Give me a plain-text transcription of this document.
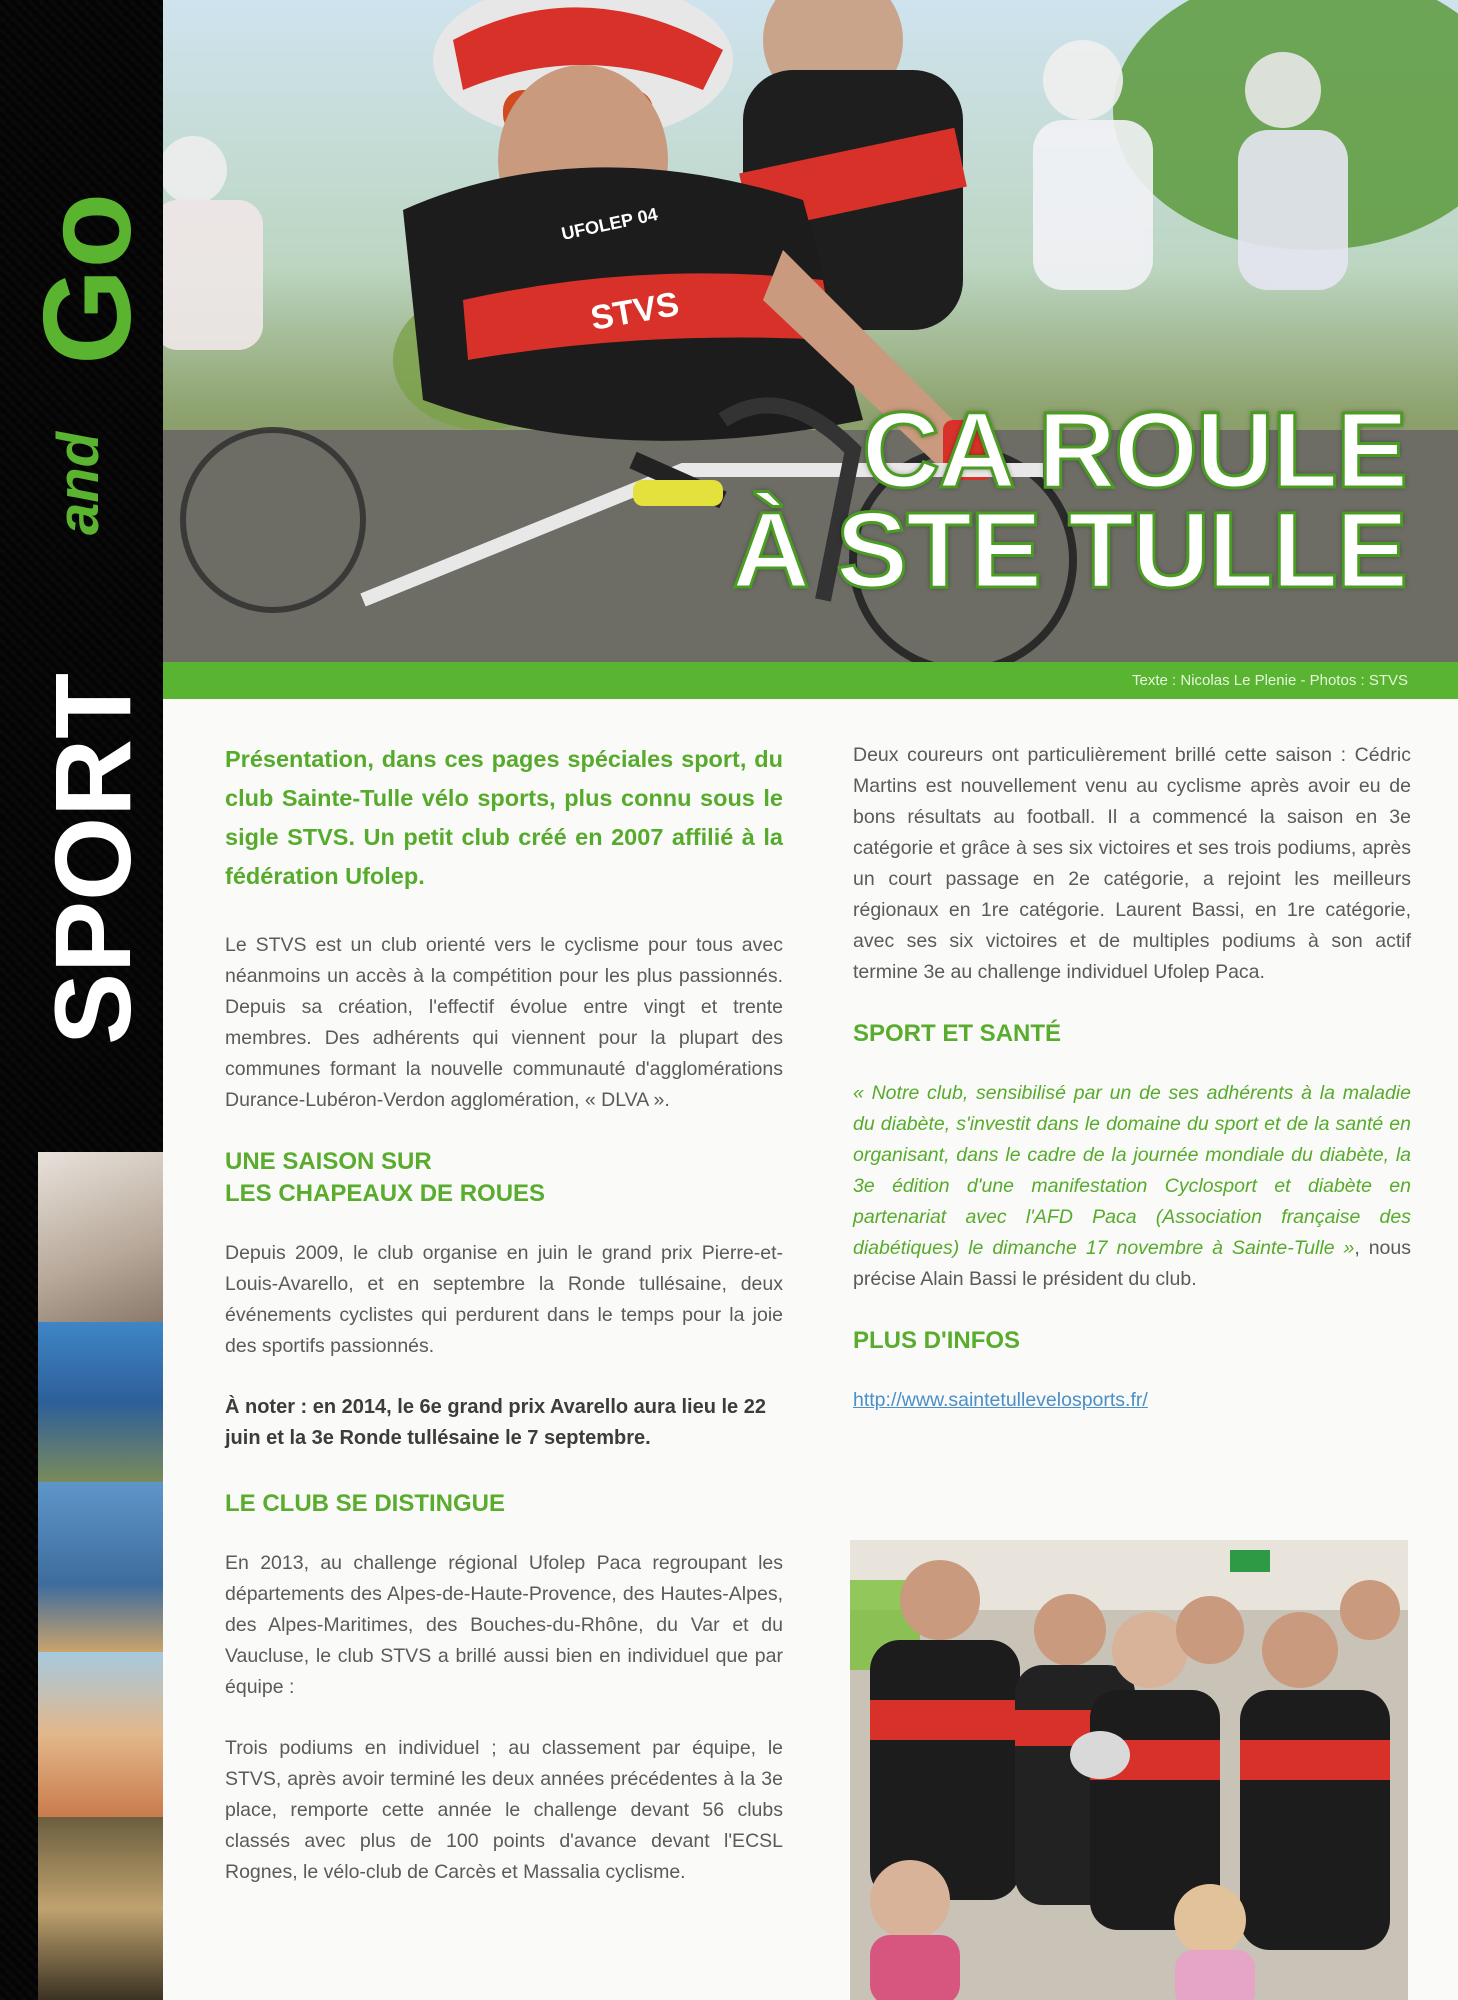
SPORT
and
Go	STVS
UFOLEP 04
CA ROULE
À STE TULLE
Texte : Nicolas Le Plenie - Photos : STVS
Présentation, dans ces pages spéciales sport, du club Sainte-Tulle vélo sports, plus connu sous le sigle STVS. Un petit club créé en 2007 affilié à la fédération Ufolep.
Le STVS est un club orienté vers le cyclisme pour tous avec néanmoins un accès à la compétition pour les plus passionnés. Depuis sa création, l'effectif évolue entre vingt et trente membres. Des adhérents qui viennent pour la plupart des communes formant la nouvelle communauté d'agglomérations Durance-Lubéron-Verdon agglomération, « DLVA ».
UNE SAISON SUR
LES CHAPEAUX DE ROUES
Depuis 2009, le club organise en juin le grand prix Pierre-et-Louis-Avarello, et en septembre la Ronde tullésaine, deux événements cyclistes qui perdurent dans le temps pour la joie des sportifs passionnés.
À noter : en 2014, le 6e grand prix Avarello aura lieu le 22 juin et la 3e Ronde tullésaine le 7 septembre.
LE CLUB SE DISTINGUE
En 2013, au challenge régional Ufolep Paca regroupant les départements des Alpes-de-Haute-Provence, des Hautes-Alpes, des Alpes-Maritimes, des Bouches-du-Rhône, du Var et du Vaucluse, le club STVS a brillé aussi bien en individuel que par équipe :
Trois podiums en individuel ; au classement par équipe, le STVS, après avoir terminé les deux années précédentes à la 3e place, remporte cette année le challenge devant 56 clubs classés avec plus de 100 points d'avance devant l'ECSL Rognes, le vélo-club de Carcès et Massalia cyclisme.
Deux coureurs ont particulièrement brillé cette saison : Cédric Martins est nouvellement venu au cyclisme après avoir eu de bons résultats au football. Il a commencé la saison en 3e catégorie et grâce à ses six victoires et ses trois podiums, après un court passage en 2e catégorie, a rejoint les meilleurs régionaux en 1re catégorie. Laurent Bassi, en 1re catégorie, avec ses six victoires et de multiples podiums à son actif termine 3e au challenge individuel Ufolep Paca.
SPORT ET SANTÉ
« Notre club, sensibilisé par un de ses adhérents à la maladie du diabète, s'investit dans le domaine du sport et de la santé en organisant, dans le cadre de la journée mondiale du diabète, la 3e édition d'une manifestation Cyclosport et diabète en partenariat avec l'AFD Paca (Association française des diabétiques) le dimanche 17 novembre à Sainte-Tulle », nous précise Alain Bassi le président du club.
PLUS D'INFOS
http://www.saintetullevelosports.fr/
